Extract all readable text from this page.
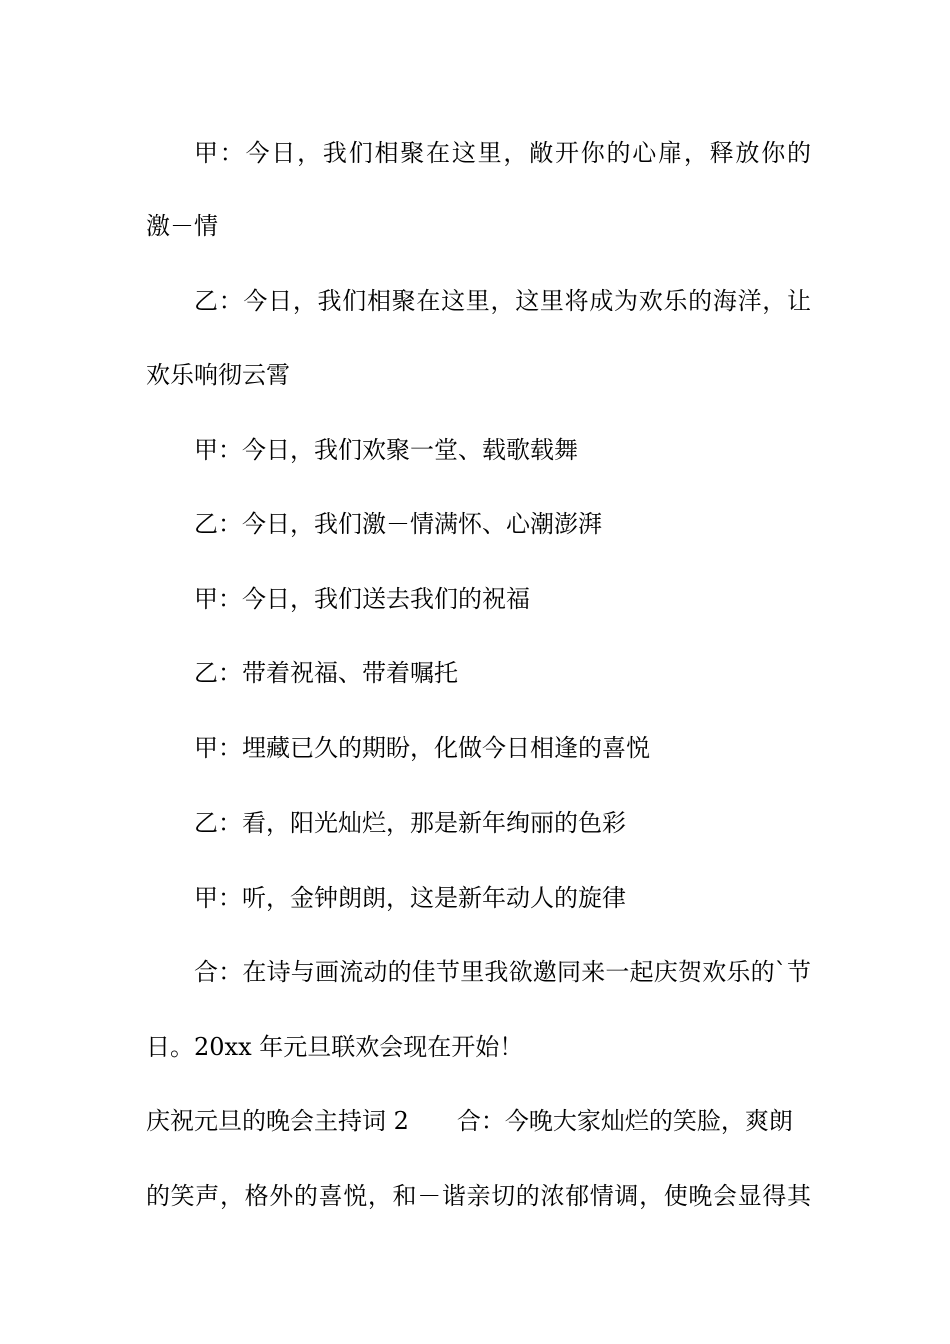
甲：今日，我们相聚在这里，敞开你的心扉，释放你的
激－情
乙：今日，我们相聚在这里，这里将成为欢乐的海洋，让
欢乐响彻云霄
甲：今日，我们欢聚一堂、载歌载舞
乙：今日，我们激－情满怀、心潮澎湃
甲：今日，我们送去我们的祝福
乙：带着祝福、带着嘱托
甲：埋藏已久的期盼，化做今日相逢的喜悦
乙：看，阳光灿烂，那是新年绚丽的色彩
甲：听，金钟朗朗，这是新年动人的旋律
合：在诗与画流动的佳节里我欲邀同来一起庆贺欢乐的`节
日。20xx 年元旦联欢会现在开始！
庆祝元旦的晚会主持词 2 合：今晚大家灿烂的笑脸，爽朗
的笑声，格外的喜悦，和－谐亲切的浓郁情调，使晚会显得其
